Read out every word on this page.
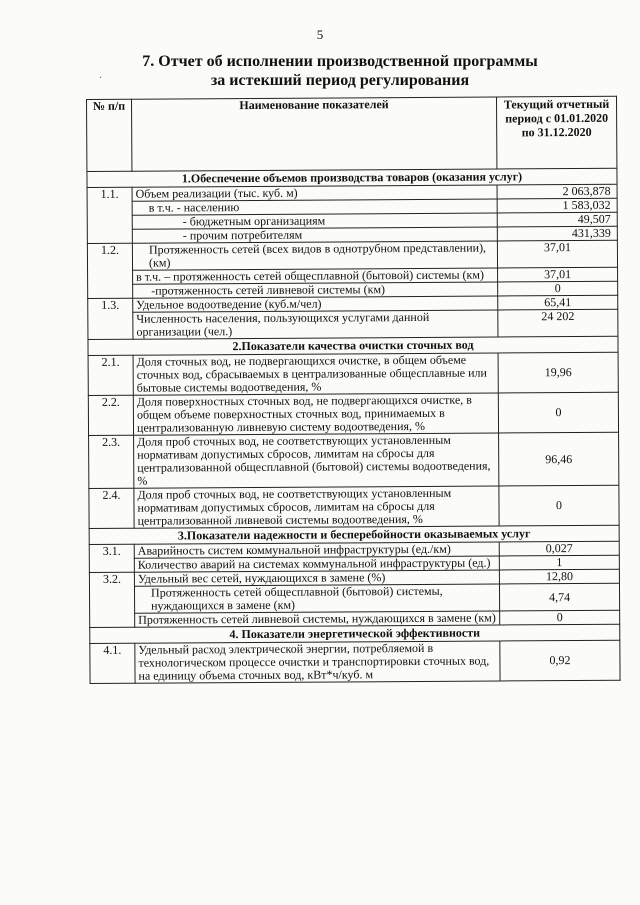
5
7. Отчет об исполнении производственной программы
за истекший период регулирования
·
№ п/п	Наименование показателей	Текущий отчетный период с 01.01.2020 по 31.12.2020
1.Обеспечение объемов производства товаров (оказания услуг)		
1.1.	Объем реализации (тыс. куб. м)	2 063,878
	в т.ч. - населению	1 583,032
	- бюджетным организациям	49,507
	- прочим потребителям	431,339
1.2.	Протяженность сетей (всех видов в однотрубном представлении), (км)	37,01
	в т.ч. – протяженность сетей общесплавной (бытовой) системы (км)	37,01
	-протяженность сетей ливневой системы (км)	0
1.3.	Удельное водоотведение (куб.м/чел)	65,41
	Численность населения, пользующихся услугами данной организации (чел.)	24 202
2.Показатели качества очистки сточных вод		
2.1.	Доля сточных вод, не подвергающихся очистке, в общем объеме сточных вод, сбрасываемых в централизованные общесплавные или бытовые системы водоотведения, %	19,96
2.2.	Доля поверхностных сточных вод, не подвергающихся очистке, в общем объеме поверхностных сточных вод, принимаемых в централизованную ливневую систему водоотведения, %	0
2.3.	Доля проб сточных вод, не соответствующих установленным нормативам допустимых сбросов, лимитам на сбросы для централизованной общесплавной (бытовой) системы водоотведения, %	96,46
2.4.	Доля проб сточных вод, не соответствующих установленным нормативам допустимых сбросов, лимитам на сбросы для централизованной ливневой системы водоотведения, %	0
3.Показатели надежности и бесперебойности оказываемых услуг		
3.1.	Аварийность систем коммунальной инфраструктуры (ед./км)	0,027
	Количество аварий на системах коммунальной инфраструктуры (ед.)	1
3.2.	Удельный вес сетей, нуждающихся в замене (%)	12,80
	Протяженность сетей общесплавной (бытовой) системы, нуждающихся в замене (км)	4,74
	Протяженность сетей ливневой системы, нуждающихся в замене (км)	0
4. Показатели энергетической эффективности		
4.1.	Удельный расход электрической энергии, потребляемой в технологическом процессе очистки и транспортировки сточных вод, на единицу объема сточных вод, кВт*ч/куб. м	0,92
